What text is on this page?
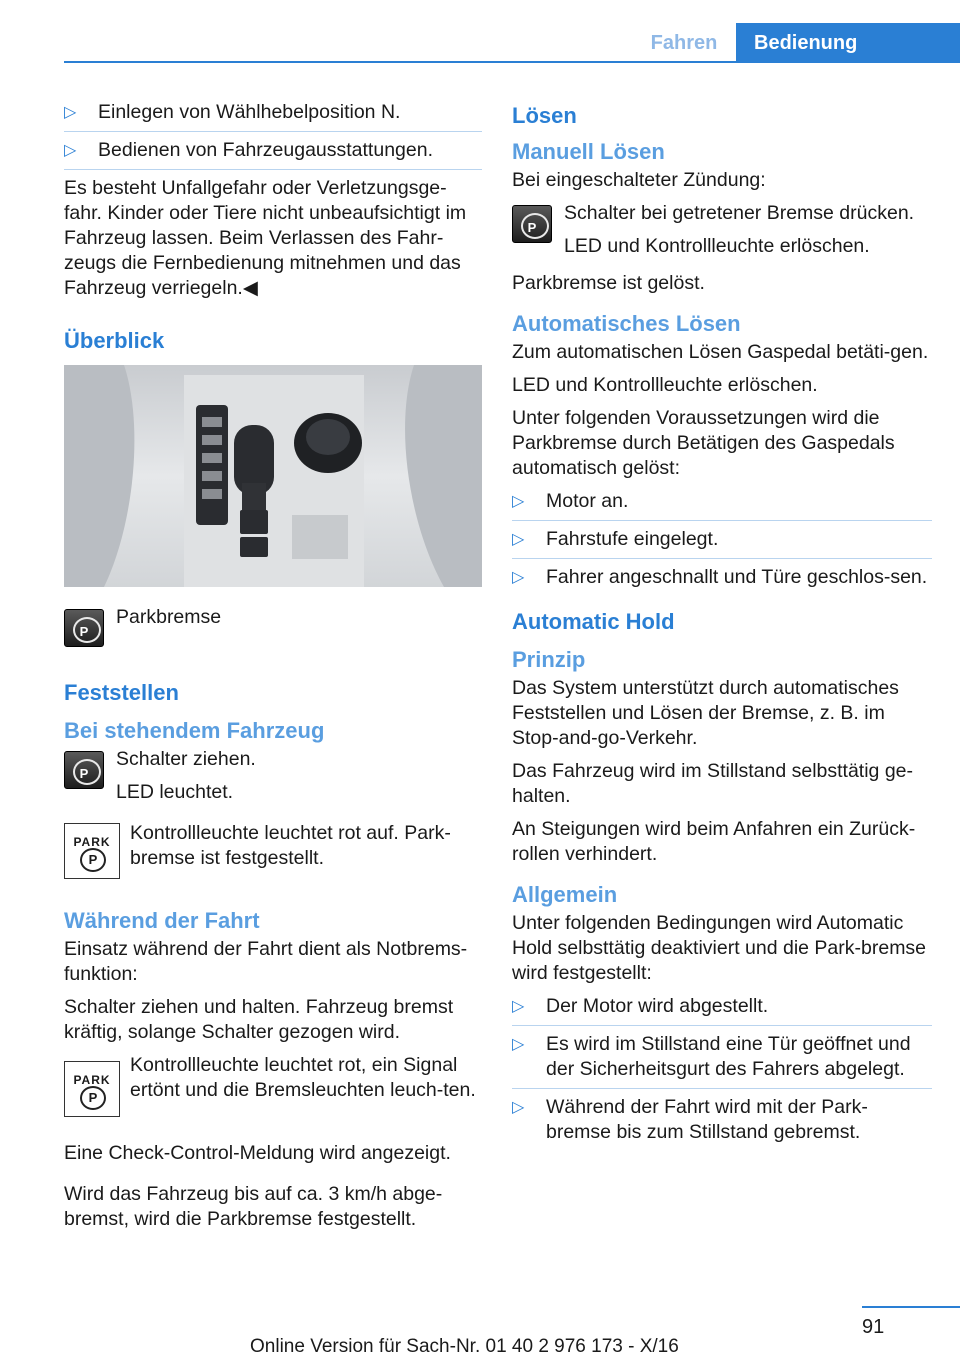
Fahren	Bedienung
▷ Einlegen von Wählhebelposition N.
▷ Bedienen von Fahrzeugausstattungen.

Es besteht Unfallgefahr oder Verletzungsge‐fahr. Kinder oder Tiere nicht unbeaufsichtigt im Fahrzeug lassen. Beim Verlassen des Fahr‐zeugs die Fernbedienung mitnehmen und das Fahrzeug verriegeln.◀

Überblick
P
Parkbremse
Feststellen
Bei stehendem Fahrzeug
P

Schalter ziehen.

LED leuchtet.

PARK
P
Kontrollleuchte leuchtet rot auf. Park‐bremse ist festgestellt.
Während der Fahrt

Einsatz während der Fahrt dient als Notbrems‐funktion:

Schalter ziehen und halten. Fahrzeug bremst kräftig, solange Schalter gezogen wird.

PARK
P
Kontrollleuchte leuchtet rot, ein Signal ertönt und die Bremsleuchten leuch‐ten.

Eine Check-Control-Meldung wird angezeigt.

Wird das Fahrzeug bis auf ca. 3 km/h abge‐bremst, wird die Parkbremse festgestellt.

Lösen
Manuell Lösen

Bei eingeschalteter Zündung:

P

Schalter bei getretener Bremse drücken.

LED und Kontrollleuchte erlöschen.

Parkbremse ist gelöst.

Automatisches Lösen

Zum automatischen Lösen Gaspedal betäti‐gen.

LED und Kontrollleuchte erlöschen.

Unter folgenden Voraussetzungen wird die Parkbremse durch Betätigen des Gaspedals automatisch gelöst:

▷ Motor an.
▷ Fahrstufe eingelegt.
▷ Fahrer angeschnallt und Türe geschlos‐sen.
Automatic Hold
Prinzip

Das System unterstützt durch automatisches Feststellen und Lösen der Bremse, z. B. im Stop-and-go-Verkehr.

Das Fahrzeug wird im Stillstand selbsttätig ge‐halten.

An Steigungen wird beim Anfahren ein Zurück‐rollen verhindert.

Allgemein

Unter folgenden Bedingungen wird Automatic Hold selbsttätig deaktiviert und die Park‐bremse wird festgestellt:

▷ Der Motor wird abgestellt.
▷ Es wird im Stillstand eine Tür geöffnet und der Sicherheitsgurt des Fahrers abgelegt.
▷ Während der Fahrt wird mit der Park‐bremse bis zum Stillstand gebremst.
91
Online Version für Sach-Nr. 01 40 2 976 173 - X/16
